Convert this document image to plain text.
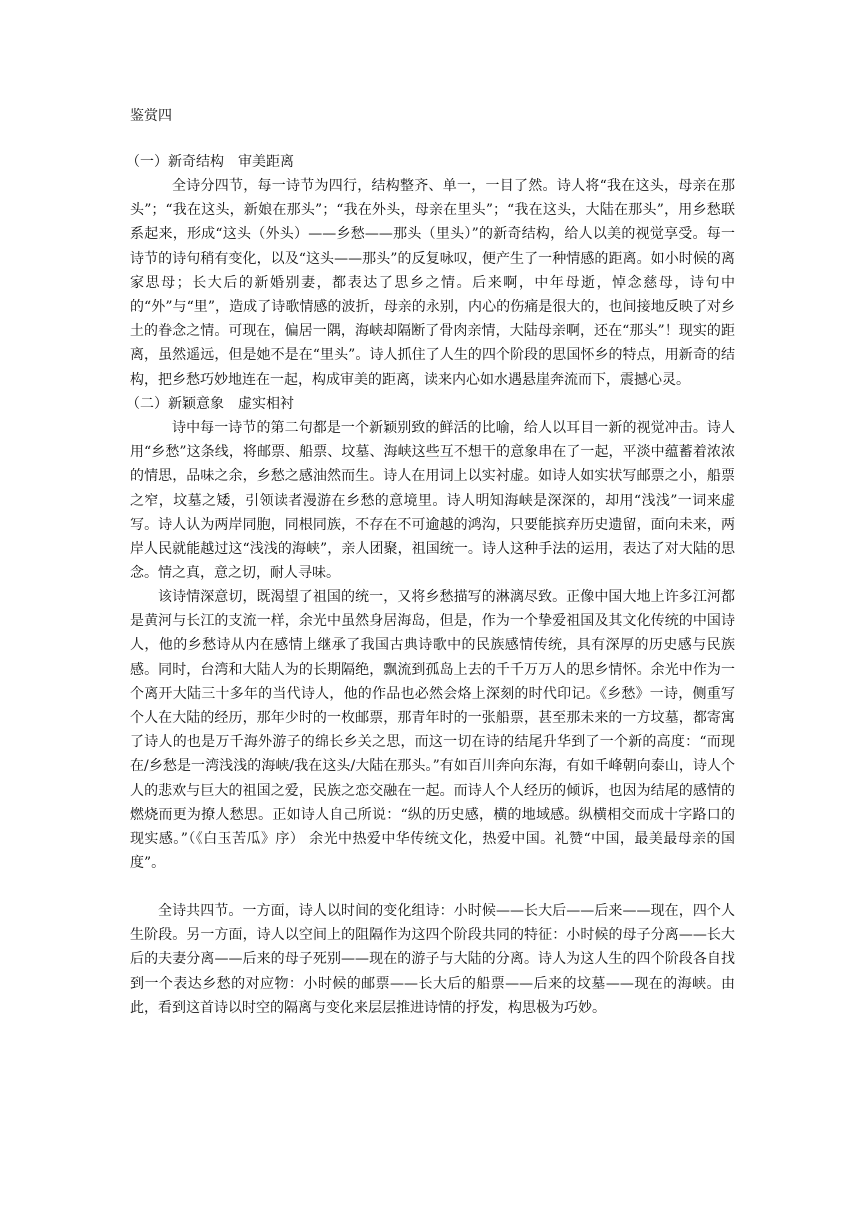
鉴赏四
（一）新奇结构　审美距离

全诗分四节，每一诗节为四行，结构整齐、单一，一目了然。诗人将“我在这头，母亲在那头”；“我在这头，新娘在那头”；“我在外头，母亲在里头”；“我在这头，大陆在那头”，用乡愁联系起来，形成“这头（外头）——乡愁——那头（里头）”的新奇结构，给人以美的视觉享受。每一诗节的诗句稍有变化，以及“这头——那头”的反复咏叹，便产生了一种情感的距离。如小时候的离家思母；长大后的新婚别妻，都表达了思乡之情。后来啊，中年母逝，悼念慈母，诗句中的“外”与“里”，造成了诗歌情感的波折，母亲的永别，内心的伤痛是很大的，也间接地反映了对乡土的眷念之情。可现在，偏居一隅，海峡却隔断了骨肉亲情，大陆母亲啊，还在“那头”！现实的距离，虽然遥远，但是她不是在“里头”。诗人抓住了人生的四个阶段的思国怀乡的特点，用新奇的结构，把乡愁巧妙地连在一起，构成审美的距离，读来内心如水遇悬崖奔流而下，震撼心灵。

（二）新颖意象　虚实相衬

诗中每一诗节的第二句都是一个新颖别致的鲜活的比喻，给人以耳目一新的视觉冲击。诗人用“乡愁”这条线，将邮票、船票、坟墓、海峡这些互不想干的意象串在了一起，平淡中蕴蓄着浓浓的情思，品味之余，乡愁之感油然而生。诗人在用词上以实衬虚。如诗人如实状写邮票之小，船票之窄，坟墓之矮，引领读者漫游在乡愁的意境里。诗人明知海峡是深深的，却用“浅浅”一词来虚写。诗人认为两岸同胞，同根同族，不存在不可逾越的鸿沟，只要能摈弃历史遗留，面向未来，两岸人民就能越过这“浅浅的海峡”，亲人团聚，祖国统一。诗人这种手法的运用，表达了对大陆的思念。情之真，意之切，耐人寻味。

该诗情深意切，既渴望了祖国的统一，又将乡愁描写的淋漓尽致。正像中国大地上许多江河都是黄河与长江的支流一样，余光中虽然身居海岛，但是，作为一个挚爱祖国及其文化传统的中国诗人，他的乡愁诗从内在感情上继承了我国古典诗歌中的民族感情传统，具有深厚的历史感与民族感。同时，台湾和大陆人为的长期隔绝，飘流到孤岛上去的千千万万人的思乡情怀。余光中作为一个离开大陆三十多年的当代诗人，他的作品也必然会烙上深刻的时代印记。《乡愁》一诗，侧重写个人在大陆的经历，那年少时的一枚邮票，那青年时的一张船票，甚至那未来的一方坟墓，都寄寓了诗人的也是万千海外游子的绵长乡关之思，而这一切在诗的结尾升华到了一个新的高度：“而现在/乡愁是一湾浅浅的海峡/我在这头/大陆在那头。”有如百川奔向东海，有如千峰朝向泰山，诗人个人的悲欢与巨大的祖国之爱，民族之恋交融在一起。而诗人个人经历的倾诉，也因为结尾的感情的燃烧而更为撩人愁思。正如诗人自己所说：“纵的历史感，横的地域感。纵横相交而成十字路口的现实感。”（《白玉苦瓜》序） 余光中热爱中华传统文化，热爱中国。礼赞“中国，最美最母亲的国度”。

全诗共四节。一方面，诗人以时间的变化组诗：小时候——长大后——后来——现在，四个人生阶段。另一方面，诗人以空间上的阻隔作为这四个阶段共同的特征：小时候的母子分离——长大后的夫妻分离——后来的母子死别——现在的游子与大陆的分离。诗人为这人生的四个阶段各自找到一个表达乡愁的对应物：小时候的邮票——长大后的船票——后来的坟墓——现在的海峡。由此，看到这首诗以时空的隔离与变化来层层推进诗情的抒发，构思极为巧妙。
